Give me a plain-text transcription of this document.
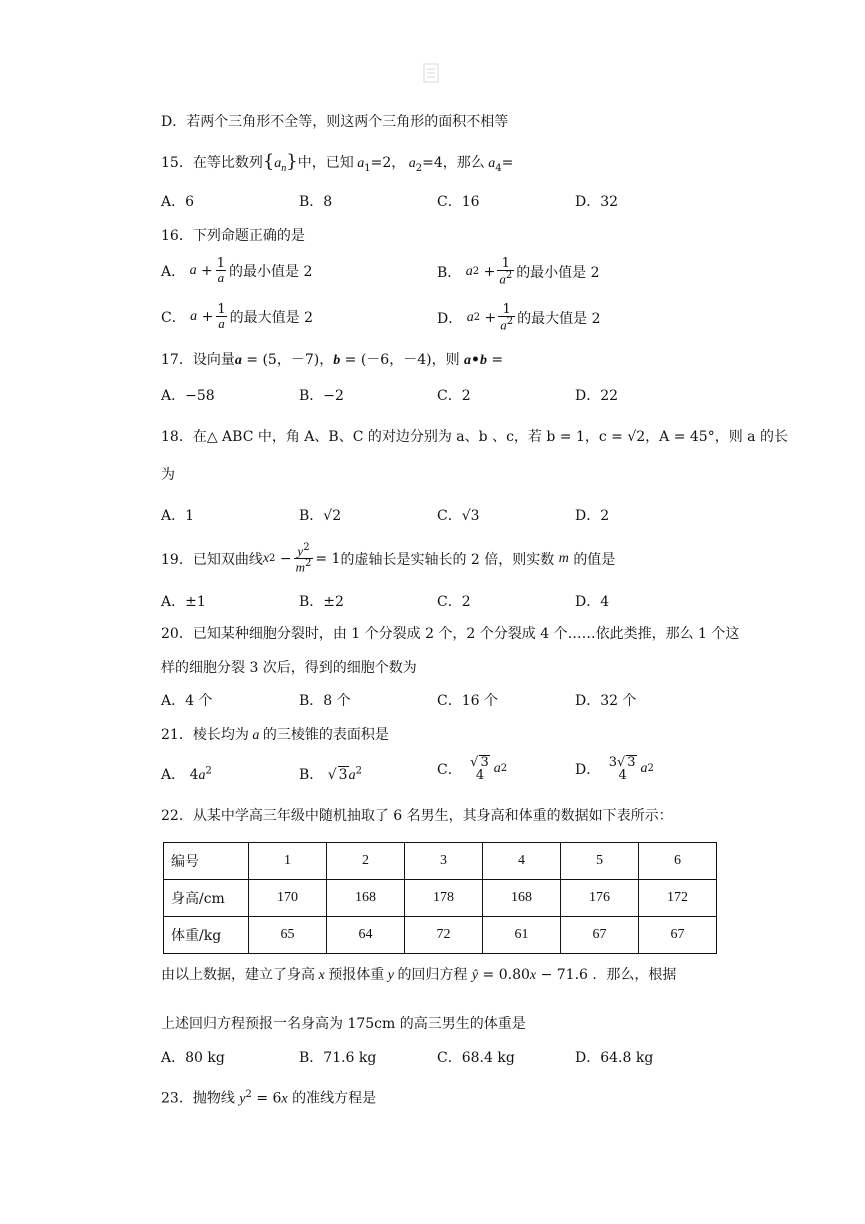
D．若两个三角形不全等，则这两个三角形的面积不相等
15．在等比数列$\{a_n\}$中，已知 $a_1=2$， $a_2=4$，那么 $a_4=$
A．6	B．8	C．16	D．32
16．下列命题正确的是
A．
$a + \frac{1}{a}$ 的最小值是 2	B．
a $2 + \frac{1}{a^2}$ 的最小值是 2
C．
$a + \frac{1}{a}$ 的最大值是 2	D．
a $2 + \frac{1}{a^2}$ 的最大值是 2
17．设向量a = (5，－7)，b = (－6，－4)，则 a•b =
A．−58	B．−2	C．2	D．22
18．在△ ABC 中，角 A、B、C 的对边分别为 a、b 、c，若 b = 1，c = √2，A = 45°，则 a 的长
为
A．1	B．√2	C．√3	D．2
19．已知双曲线 x $2 - \frac{y^2}{m^2} = 1$ 的虚轴长是实轴长的 2 倍，则实数
m
的值是
A．±1	B．±2	C．2	D．4
20．已知某种细胞分裂时，由 1 个分裂成 2 个，2 个分裂成 4 个……依此类推，那么 1 个这
样的细胞分裂 3 次后，得到的细胞个数为
A．4 个	B．8 个	C．16 个	D．32 个
21．棱长均为 a 的三棱锥的表面积是
A． $4a^2$	B． √ $3a^2$	C．
√ 3
4 a 2	D．
3√ 3
4 a 2
22．从某中学高三年级中随机抽取了 6 名男生，其身高和体重的数据如下表所示：
编号	1	2	3	4	5	6
身高/cm	170	168	178	168	176	172
体重/kg	65	64	72	61	67	67
由以上数据，建立了身高 x 预报体重 y 的回归方程 ŷ = 0.80x − 71.6 ．那么，根据
上述回归方程预报一名身高为 175cm 的高三男生的体重是
A．80 kg	B．71.6 kg	C．68.4 kg	D．64.8 kg
23．抛物线 $y^2 = 6x$ 的准线方程是
